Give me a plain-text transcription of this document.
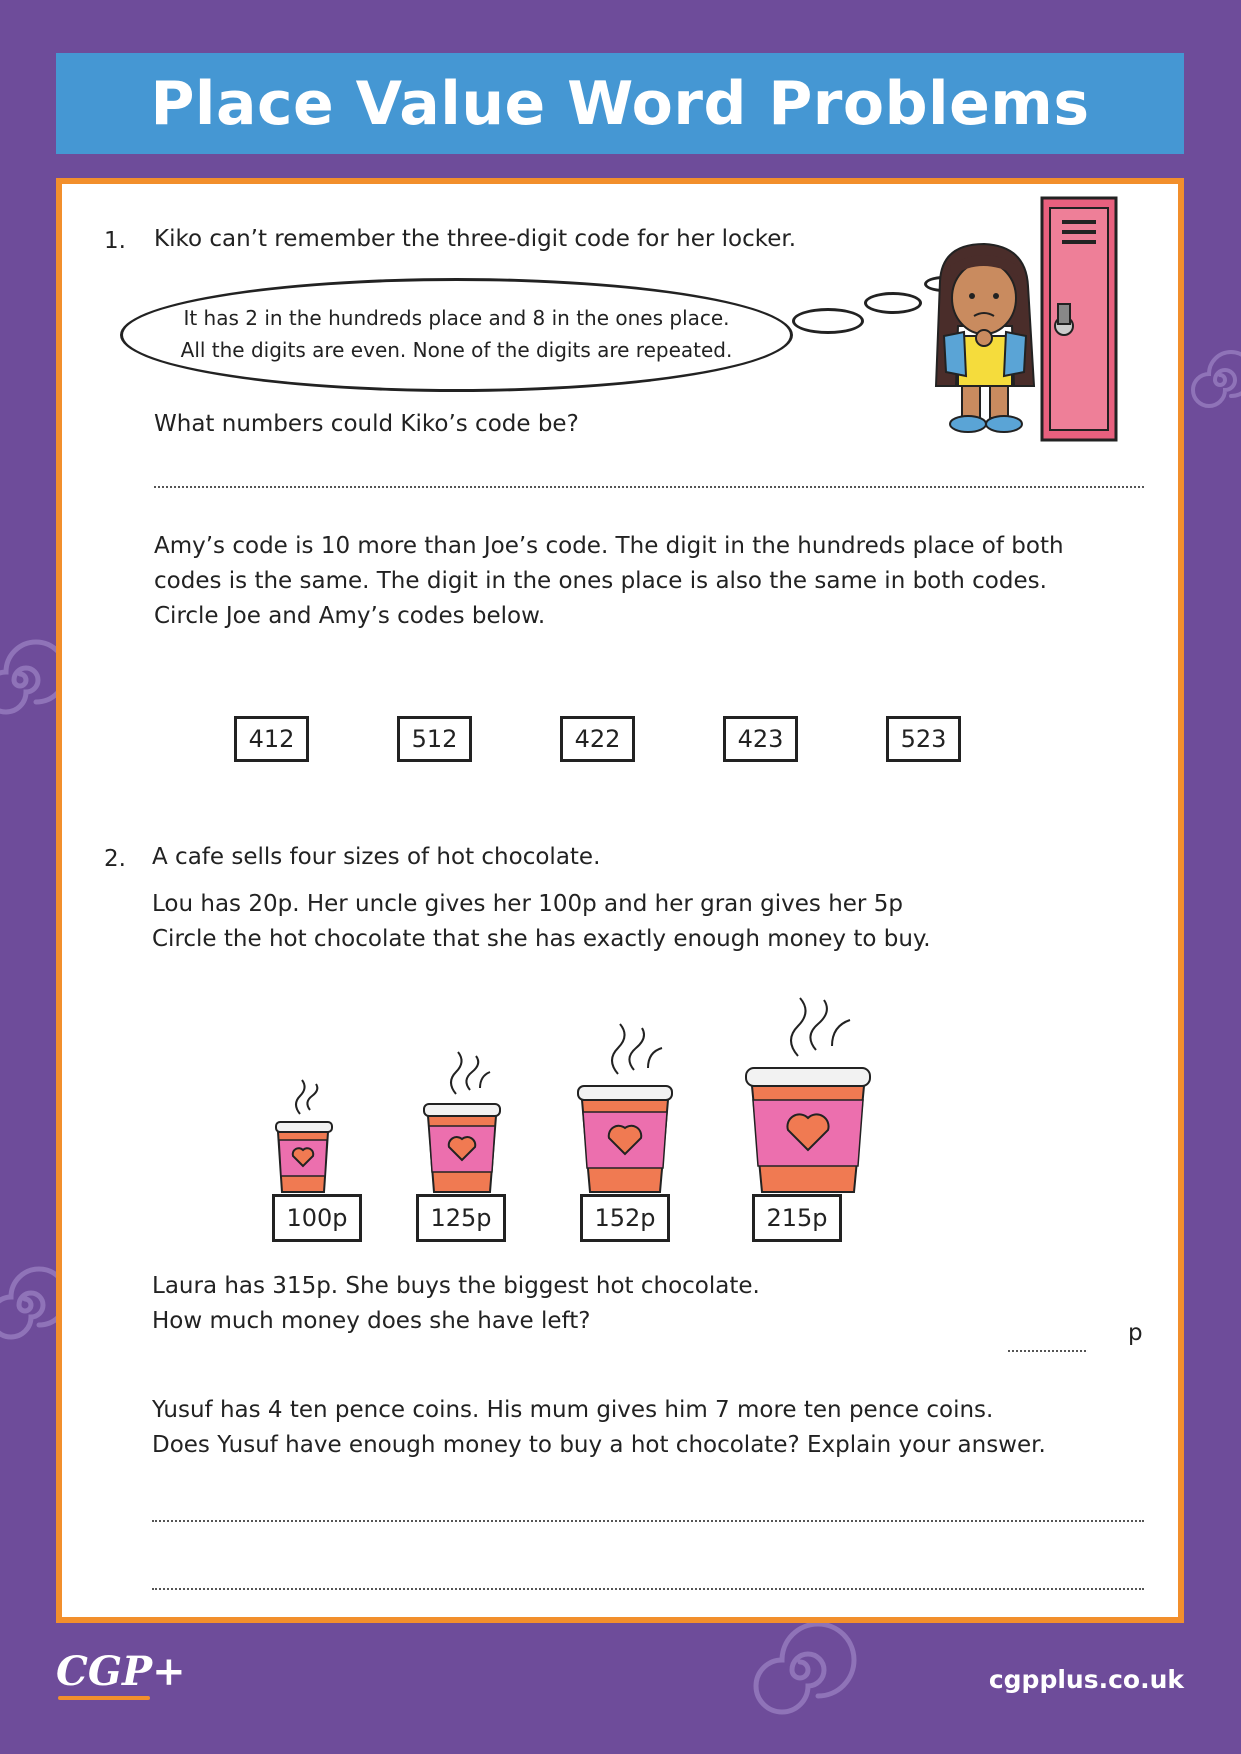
Place Value Word Problems
1. Kiko can’t remember the three-digit code for her locker.
It has 2 in the hundreds place and 8 in the ones place.
All the digits are even. None of the digits are repeated.
What numbers could Kiko’s code be?
Amy’s code is 10 more than Joe’s code. The digit in the hundreds place of both
codes is the same. The digit in the ones place is also the same in both codes.
Circle Joe and Amy’s codes below.
412	512	422	423	523
2. A cafe sells four sizes of hot chocolate.
Lou has 20p. Her uncle gives her 100p and her gran gives her 5p
Circle the hot chocolate that she has exactly enough money to buy.
100p	125p	152p	215p
Laura has 315p. She buys the biggest hot chocolate.
How much money does she have left?	p
Yusuf has 4 ten pence coins. His mum gives him 7 more ten pence coins.
Does Yusuf have enough money to buy a hot chocolate? Explain your answer.
CGP+	cgpplus.co.uk
